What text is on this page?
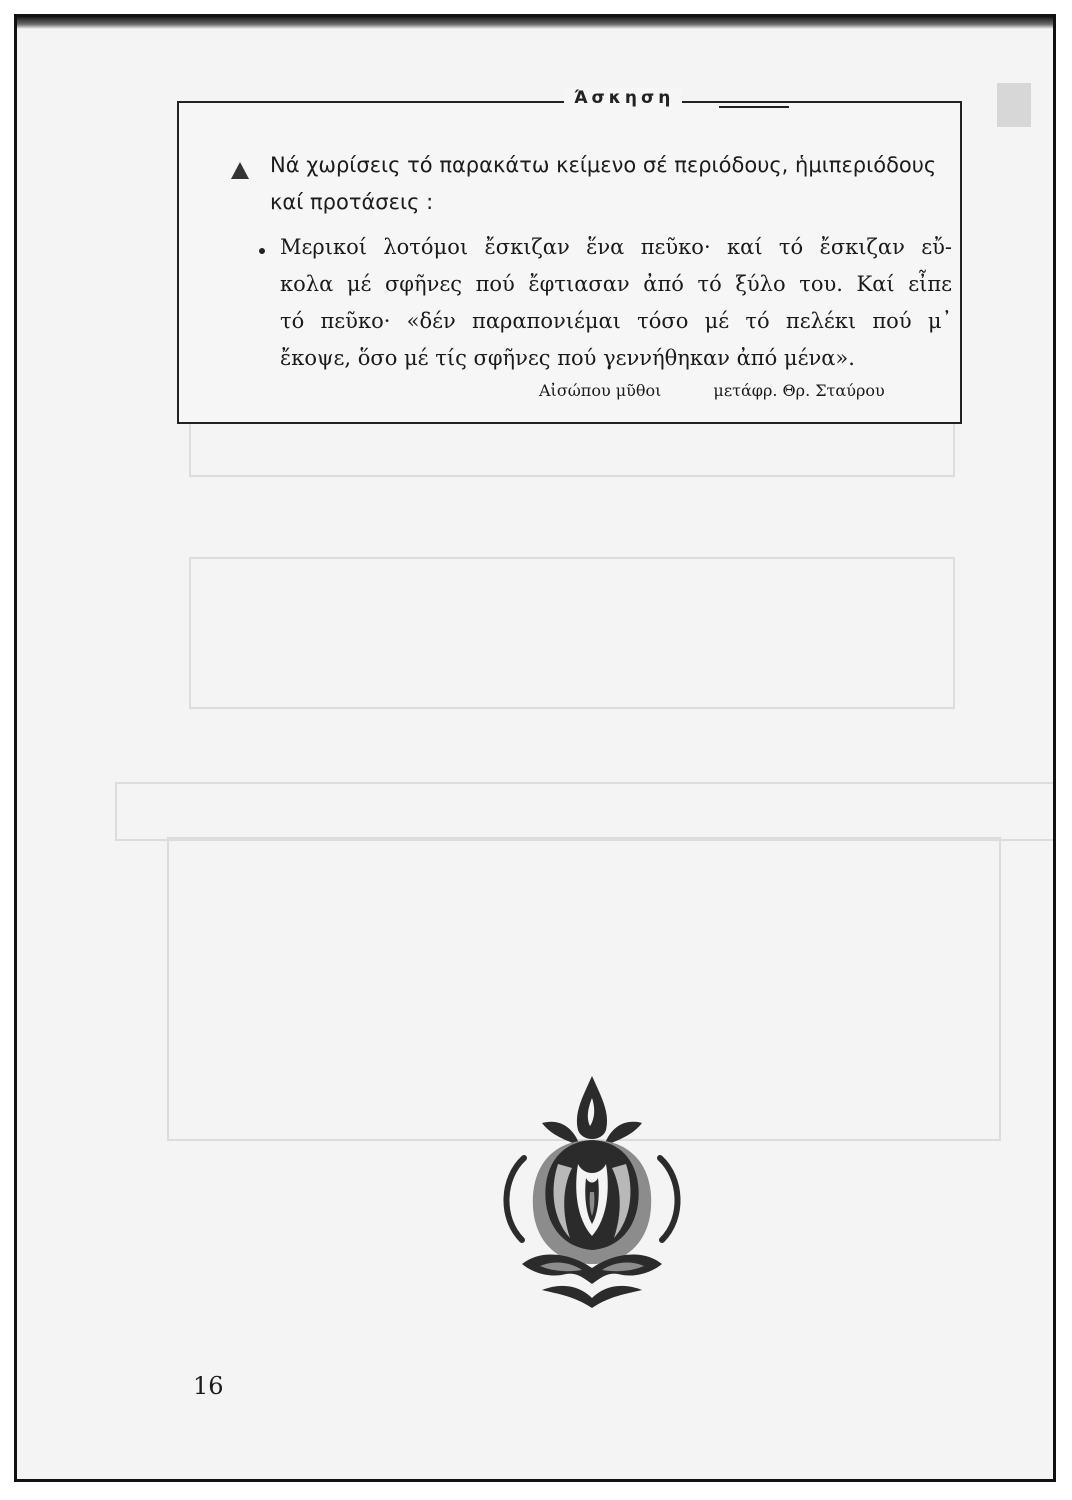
Άσκηση
Νά χωρίσεις τό παρακάτω κείμενο σέ περιόδους, ἡμιπεριόδους καί προτάσεις :
Μερικοί λοτόμοι ἔσκιζαν ἕνα πεῦκο· καί τό ἔσκιζαν εὔ-
κολα μέ σφῆνες πού ἔφτιασαν ἀπό τό ξύλο του. Καί εἶπε
τό πεῦκο· «δέν παραπονιέμαι τόσο μέ τό πελέκι πού μ᾽
ἔκοψε, ὅσο μέ τίς σφῆνες πού γεννήθηκαν ἀπό μένα».
Αἰσώπου μῦθοι	μετάφρ. Θρ. Σταύρου
16
